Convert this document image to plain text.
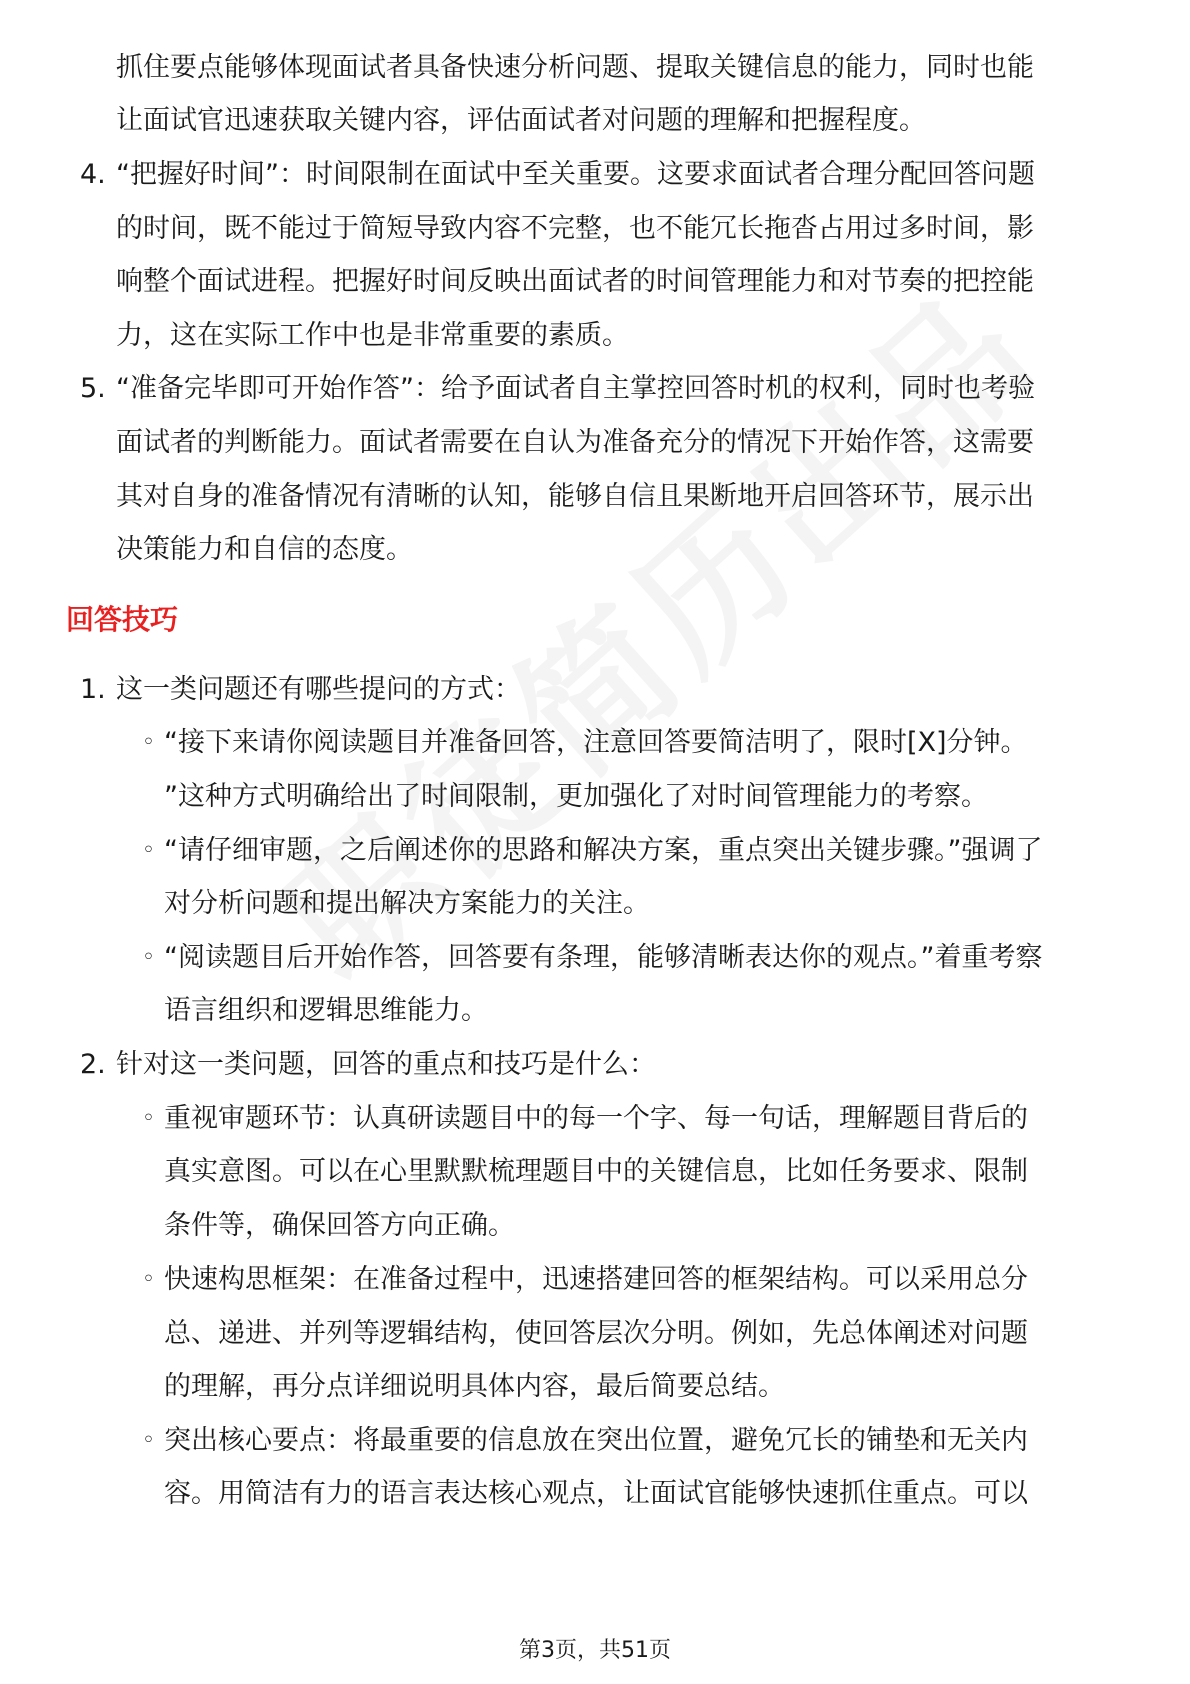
抓住要点能够体现面试者具备快速分析问题、提取关键信息的能力，同时也能
让面试官迅速获取关键内容，评估面试者对问题的理解和把握程度。
4. “把握好时间”：时间限制在面试中至关重要。这要求面试者合理分配回答问题
的时间，既不能过于简短导致内容不完整，也不能冗长拖沓占用过多时间，影
响整个面试进程。把握好时间反映出面试者的时间管理能力和对节奏的把控能
力，这在实际工作中也是非常重要的素质。
5. “准备完毕即可开始作答”：给予面试者自主掌控回答时机的权利，同时也考验
面试者的判断能力。面试者需要在自认为准备充分的情况下开始作答，这需要
其对自身的准备情况有清晰的认知，能够自信且果断地开启回答环节，展示出
决策能力和自信的态度。
回答技巧
1. 这一类问题还有哪些提问的方式：
◦ “接下来请你阅读题目并准备回答，注意回答要简洁明了，限时[X]分钟。
”这种方式明确给出了时间限制，更加强化了对时间管理能力的考察。
◦ “请仔细审题，之后阐述你的思路和解决方案，重点突出关键步骤。”强调了
对分析问题和提出解决方案能力的关注。
◦ “阅读题目后开始作答，回答要有条理，能够清晰表达你的观点。”着重考察
语言组织和逻辑思维能力。
2. 针对这一类问题，回答的重点和技巧是什么：
◦ 重视审题环节：认真研读题目中的每一个字、每一句话，理解题目背后的
真实意图。可以在心里默默梳理题目中的关键信息，比如任务要求、限制
条件等，确保回答方向正确。
◦ 快速构思框架：在准备过程中，迅速搭建回答的框架结构。可以采用总分
总、递进、并列等逻辑结构，使回答层次分明。例如，先总体阐述对问题
的理解，再分点详细说明具体内容，最后简要总结。
◦ 突出核心要点：将最重要的信息放在突出位置，避免冗长的铺垫和无关内
容。用简洁有力的语言表达核心观点，让面试官能够快速抓住重点。可以
第3页，共51页
